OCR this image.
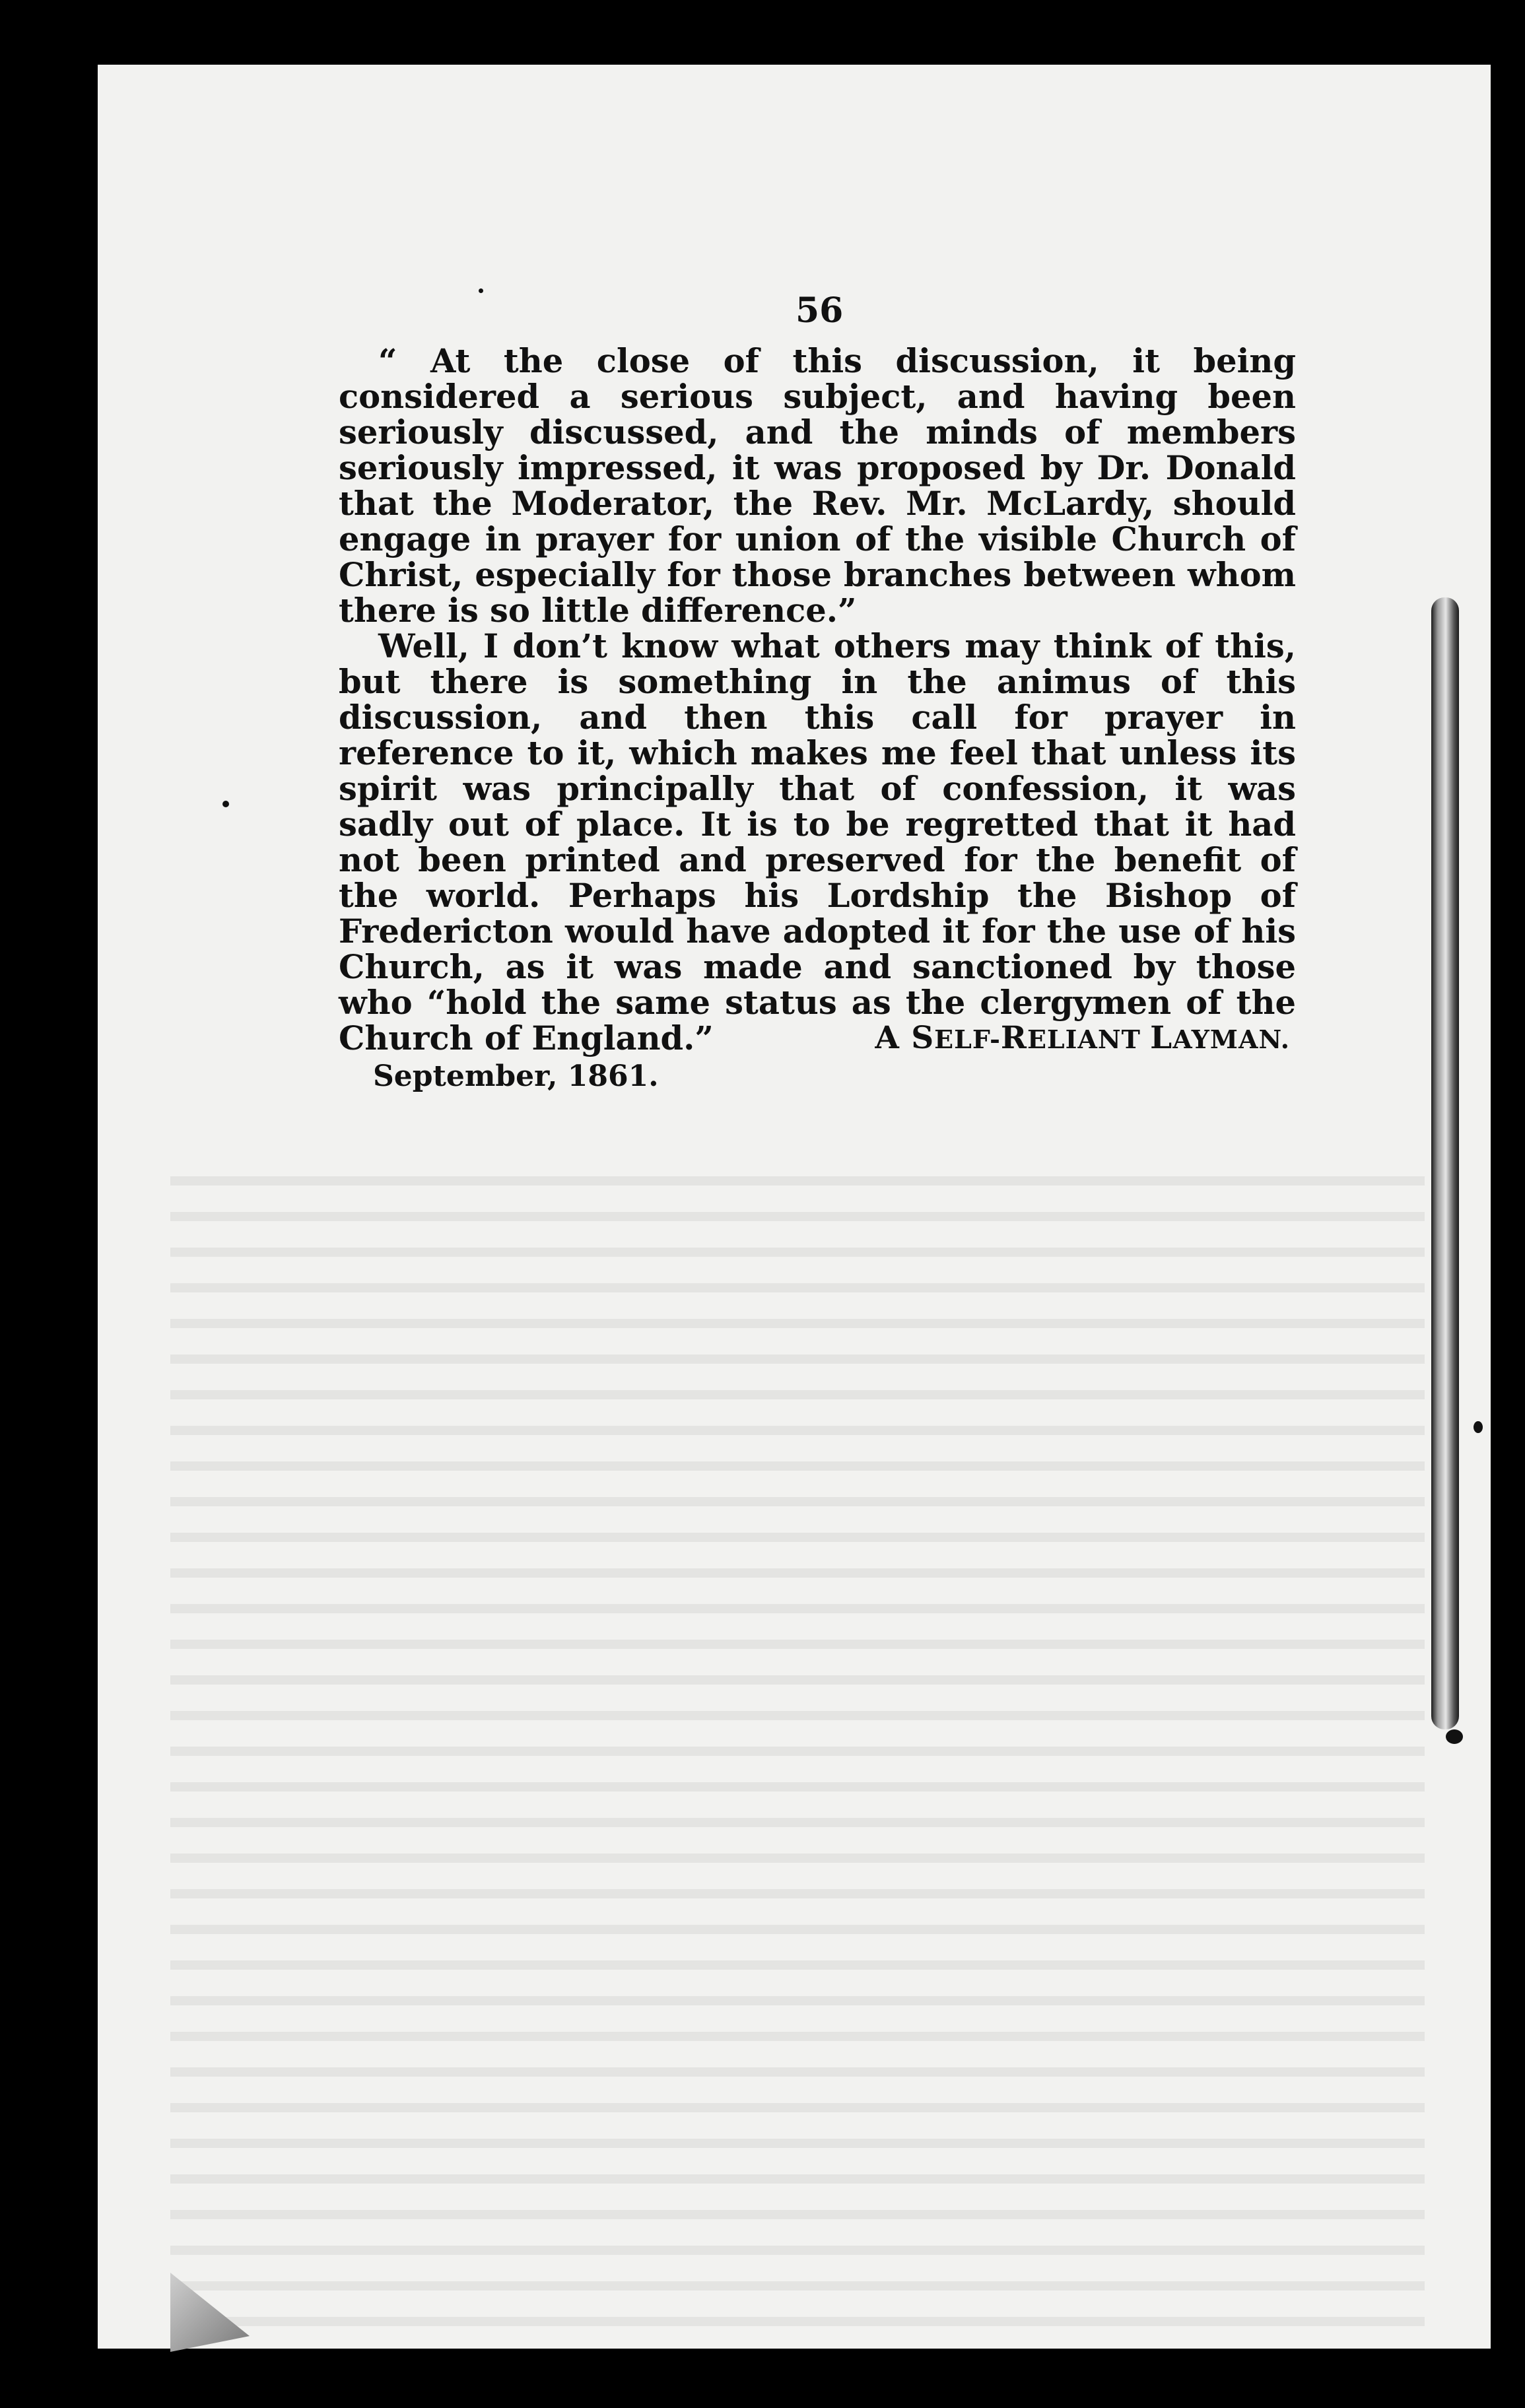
56

“ At the close of this discussion, it being considered a serious subject, and having been seriously discussed, and the minds of members seriously impressed, it was proposed by Dr. Donald that the Moderator, the Rev. Mr. McLardy, should engage in prayer for union of the visible Church of Christ, especially for those branches between whom there is so little difference.”

Well, I don’t know what others may think of this, but there is something in the animus of this discussion, and then this call for prayer in reference to it, which makes me feel that unless its spirit was principally that of confession, it was sadly out of place. It is to be regretted that it had not been printed and preserved for the benefit of the world. Perhaps his Lordship the Bishop of Fredericton would have adopted it for the use of his Church, as it was made and sanctioned by those who “hold the same status as the clergymen of the Church of England.”	A SELF-RELIANT LAYMAN.
September, 1861.
